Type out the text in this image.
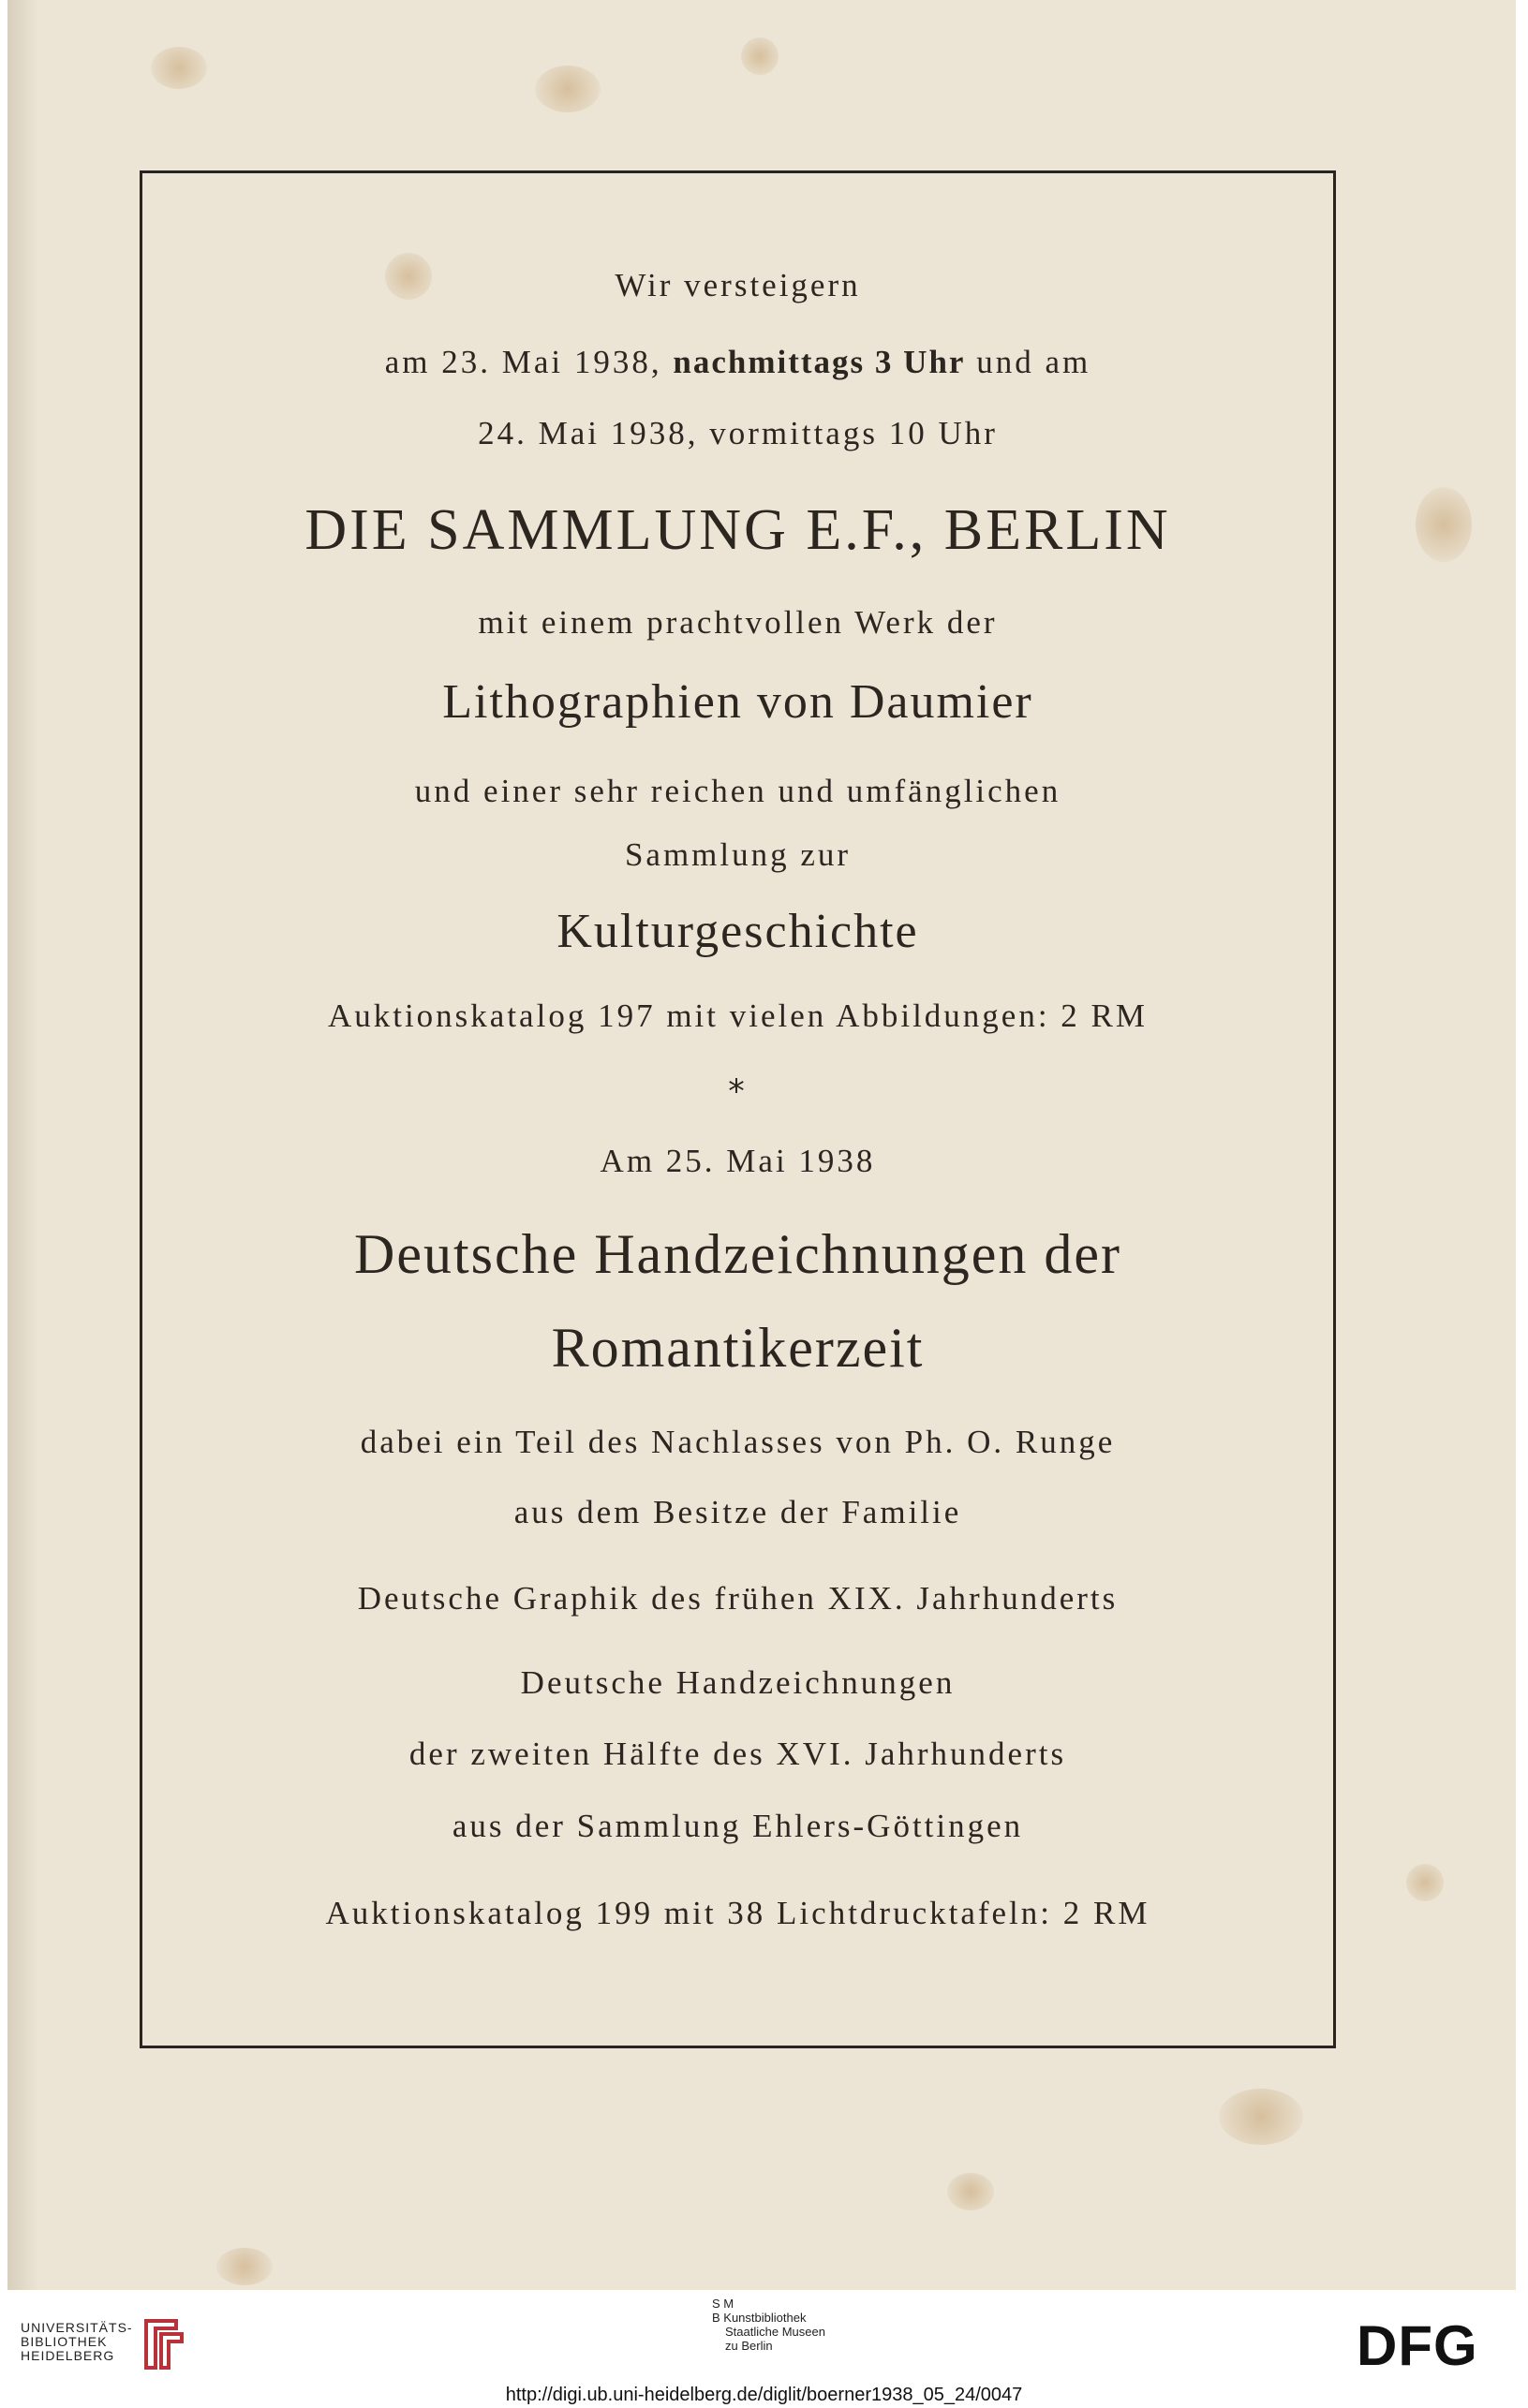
Wir versteigern
am 23. Mai 1938, nachmittags 3 Uhr und am
24. Mai 1938, vormittags 10 Uhr
DIE SAMMLUNG E.F., BERLIN
mit einem prachtvollen Werk der
Lithographien von Daumier
und einer sehr reichen und umfänglichen
Sammlung zur
Kulturgeschichte
Auktionskatalog 197 mit vielen Abbildungen: 2 RM
⁎
Am 25. Mai 1938
Deutsche Handzeichnungen der
Romantikerzeit
dabei ein Teil des Nachlasses von Ph. O. Runge
aus dem Besitze der Familie
Deutsche Graphik des frühen XIX. Jahrhunderts
Deutsche Handzeichnungen
der zweiten Hälfte des XVI. Jahrhunderts
aus der Sammlung Ehlers-Göttingen
Auktionskatalog 199 mit 38 Lichtdrucktafeln: 2 RM
UNIVERSITÄTS-
BIBLIOTHEK
HEIDELBERG
S M
B Kunstbibliothek
Staatliche Museen
zu Berlin	DFG
http://digi.ub.uni-heidelberg.de/diglit/boerner1938_05_24/0047
